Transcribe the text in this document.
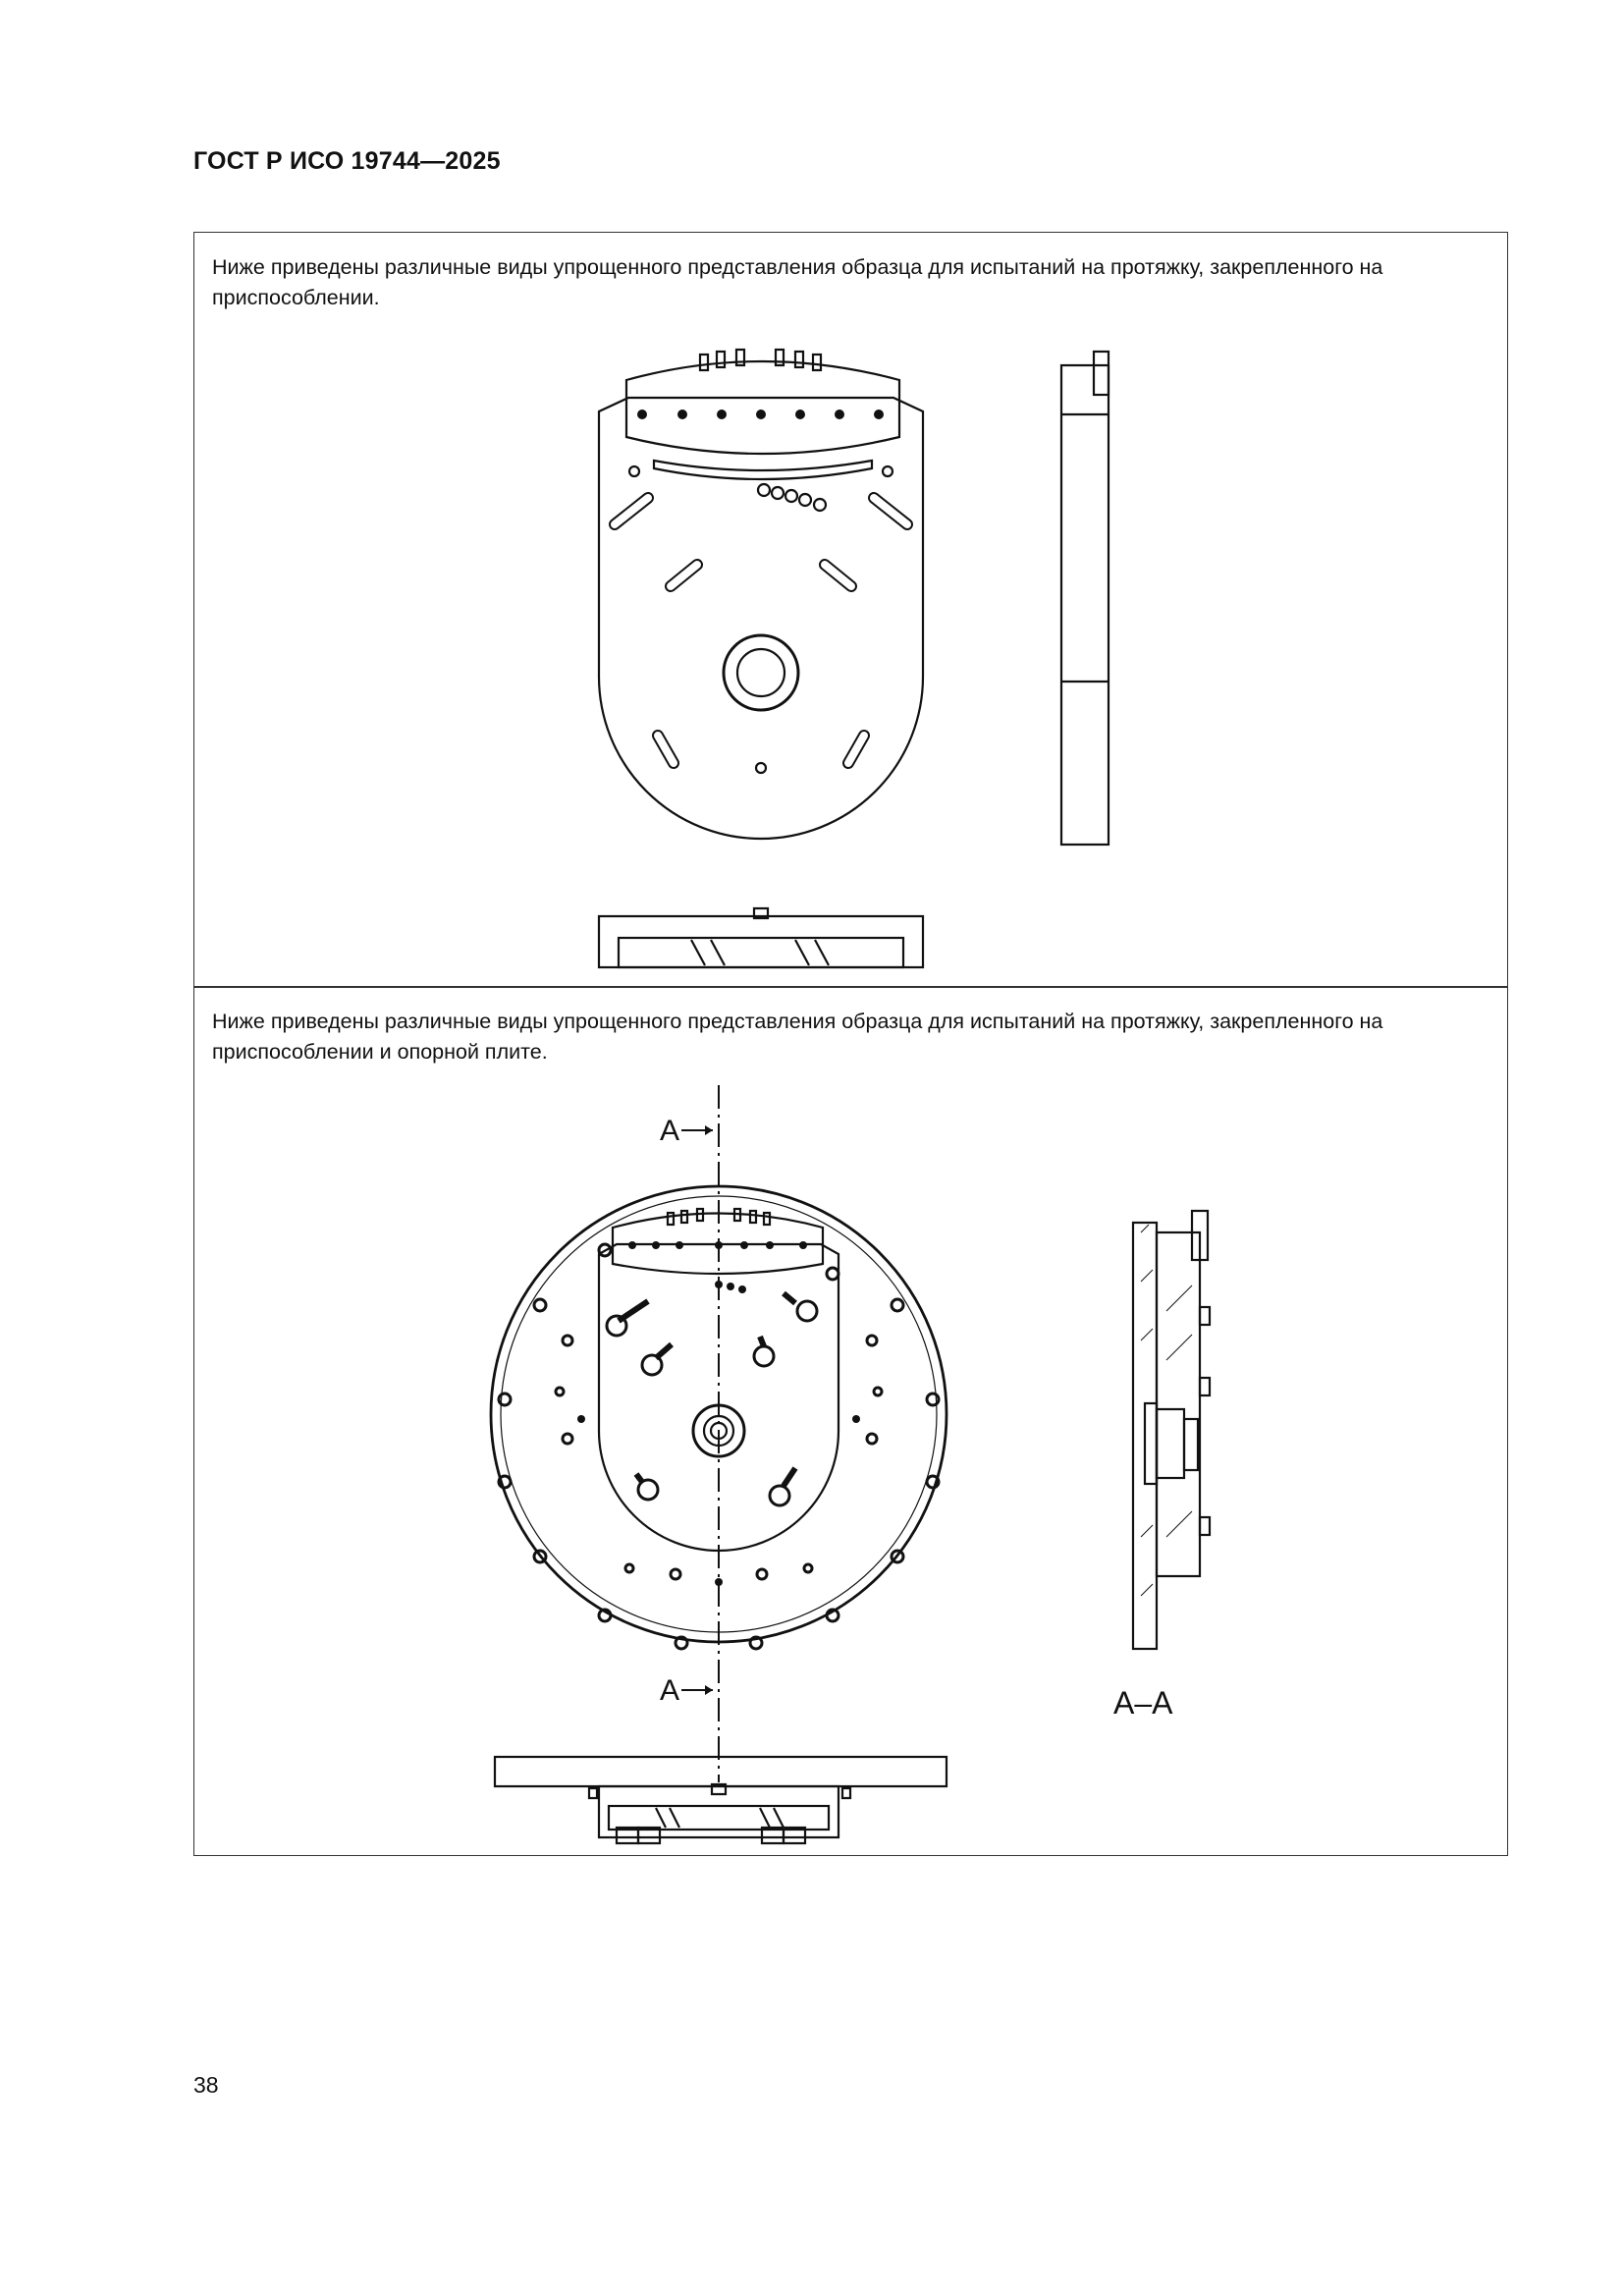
ГОСТ Р ИСО 19744—2025
Ниже приведены различные виды упрощенного представления образца для испытаний на протяжку, закрепленного на приспособлении.
Ниже приведены различные виды упрощенного представления образца для испытаний на протяжку, закрепленного на приспособлении и опорной плите.
А
А	А–А
38
